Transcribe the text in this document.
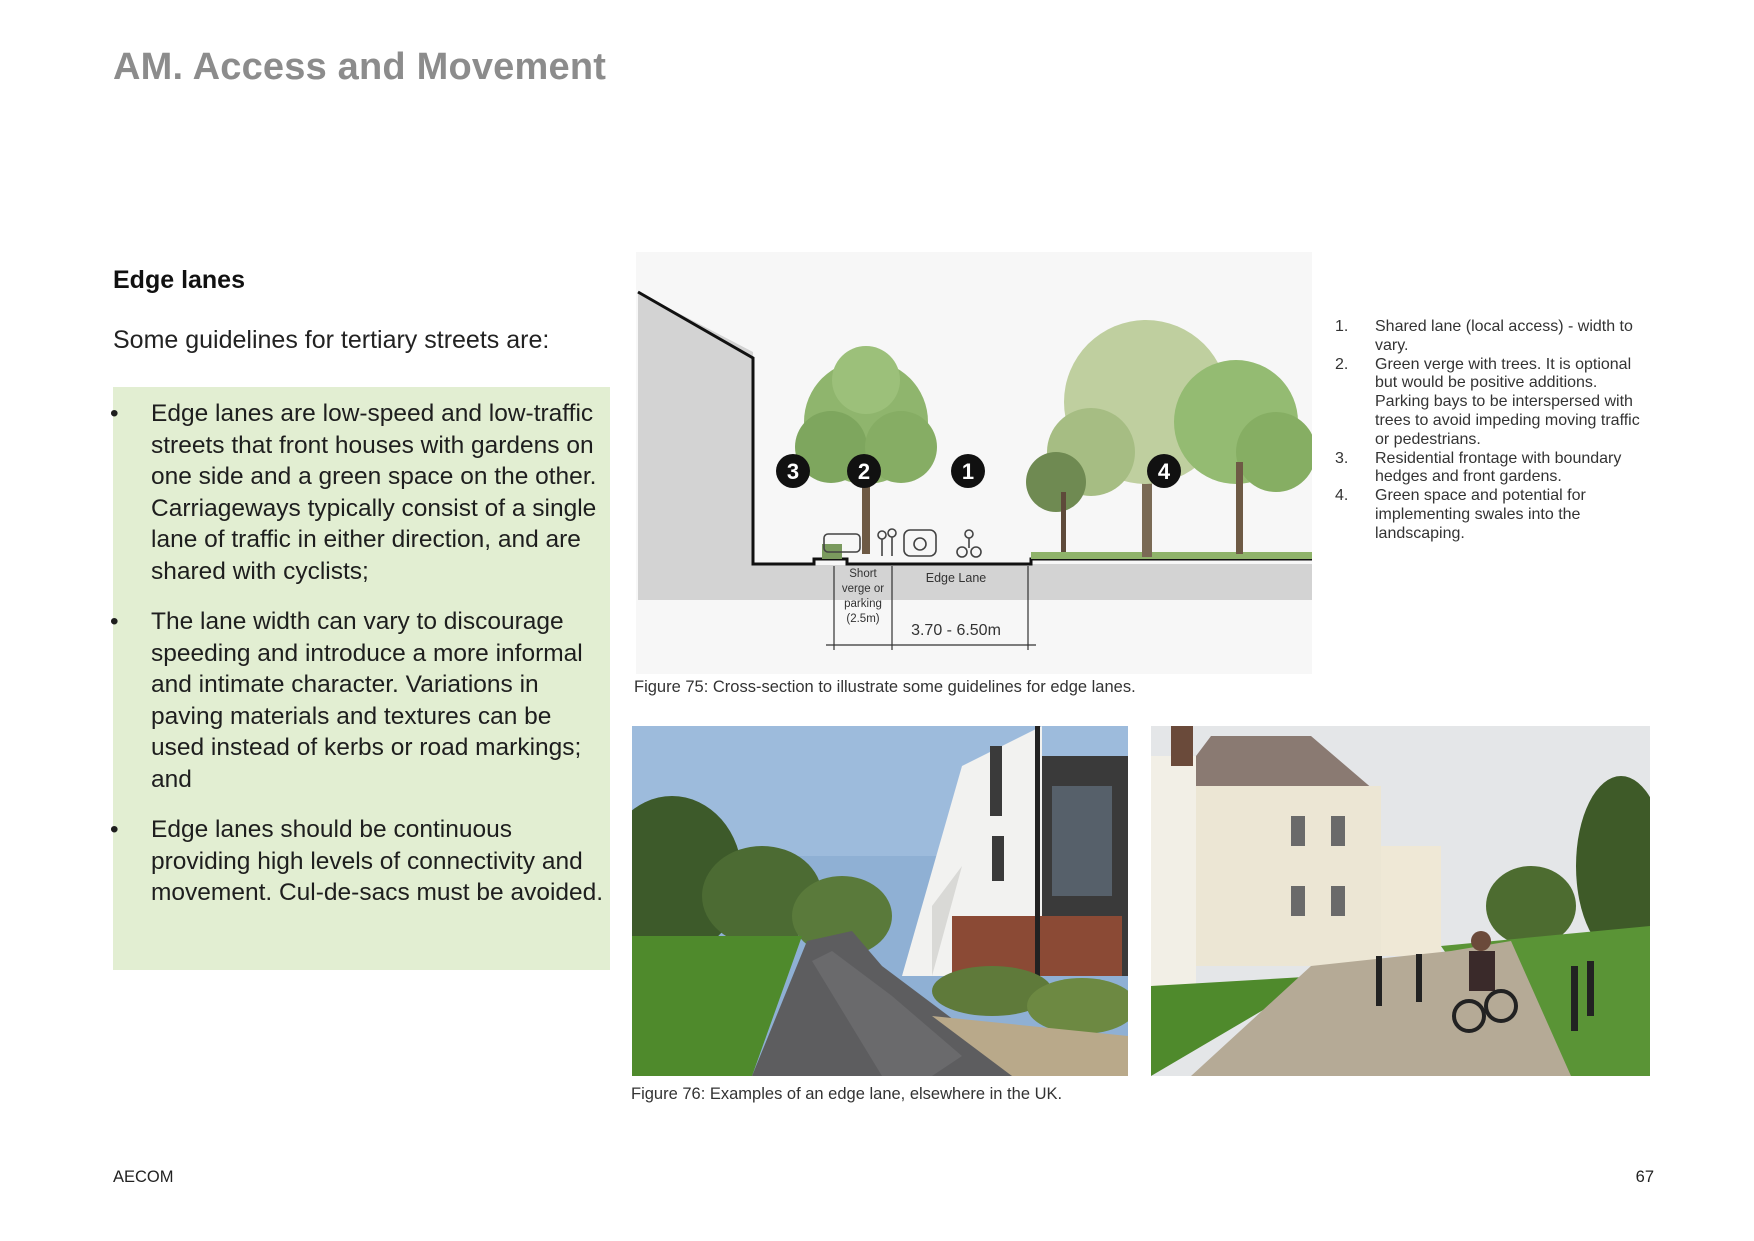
AM. Access and Movement
Edge lanes
Some guidelines for tertiary streets are:
•	Edge lanes are low-speed and low-traffic streets that front houses with gardens on one side and a green space on the other. Carriageways typically consist of a single lane of traffic in either direction, and are shared with cyclists;
•	The lane width can vary to discourage speeding and introduce a more informal and intimate character. Variations in paving materials and textures can be used instead of kerbs or road markings; and
•	Edge lanes should be continuous providing high levels of connectivity and movement. Cul-de-sacs must be avoided.
3	2	1	4
Short
verge or
parking
(2.5m)
Edge Lane
3.70 - 6.50m
Figure 75: Cross-section to illustrate some guidelines for edge lanes.
1. Shared lane (local access) - width to vary.
2. Green verge with trees. It is optional but would be positive additions. Parking bays to be interspersed with trees to avoid impeding moving traffic or pedestrians.
3. Residential frontage with boundary hedges and front gardens.
4. Green space and potential for implementing swales into the landscaping.
Figure 76: Examples of an edge lane, elsewhere in the UK.
AECOM	67
